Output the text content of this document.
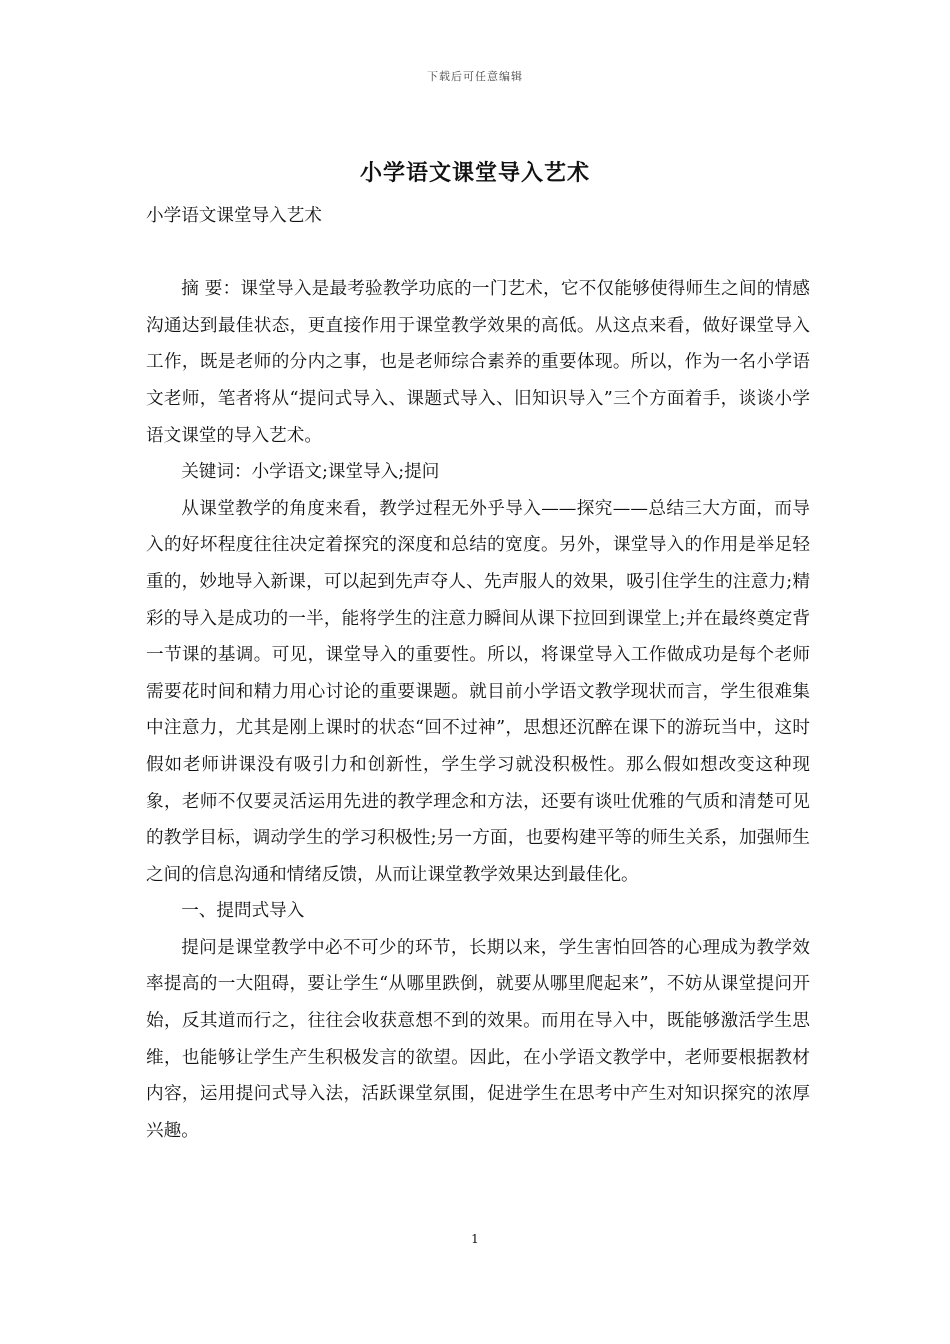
下载后可任意编辑
小学语文课堂导入艺术

小学语文课堂导入艺术

摘 要：课堂导入是最考验教学功底的一门艺术，它不仅能够使得师生之间的情感沟通达到最佳状态，更直接作用于课堂教学效果的高低。从这点来看，做好课堂导入工作，既是老师的分内之事，也是老师综合素养的重要体现。所以，作为一名小学语文老师，笔者将从“提问式导入、课题式导入、旧知识导入”三个方面着手，谈谈小学语文课堂的导入艺术。

关键词：小学语文;课堂导入;提问

从课堂教学的角度来看，教学过程无外乎导入——探究——总结三大方面，而导入的好坏程度往往决定着探究的深度和总结的宽度。另外，课堂导入的作用是举足轻重的，妙地导入新课，可以起到先声夺人、先声服人的效果，吸引住学生的注意力;精彩的导入是成功的一半，能将学生的注意力瞬间从课下拉回到课堂上;并在最终奠定背一节课的基调。可见，课堂导入的重要性。所以，将课堂导入工作做成功是每个老师需要花时间和精力用心讨论的重要课题。就目前小学语文教学现状而言，学生很难集中注意力，尤其是刚上课时的状态“回不过神”，思想还沉醉在课下的游玩当中，这时假如老师讲课没有吸引力和创新性，学生学习就没积极性。那么假如想改变这种现象，老师不仅要灵活运用先进的教学理念和方法，还要有谈吐优雅的气质和清楚可见的教学目标，调动学生的学习积极性;另一方面，也要构建平等的师生关系，加强师生之间的信息沟通和情绪反馈，从而让课堂教学效果达到最佳化。

一、提問式导入

提问是课堂教学中必不可少的环节，长期以来，学生害怕回答的心理成为教学效率提高的一大阻碍，要让学生“从哪里跌倒，就要从哪里爬起来”，不妨从课堂提问开始，反其道而行之，往往会收获意想不到的效果。而用在导入中，既能够激活学生思维，也能够让学生产生积极发言的欲望。因此，在小学语文教学中，老师要根据教材内容，运用提问式导入法，活跃课堂氛围，促进学生在思考中产生对知识探究的浓厚兴趣。

1
